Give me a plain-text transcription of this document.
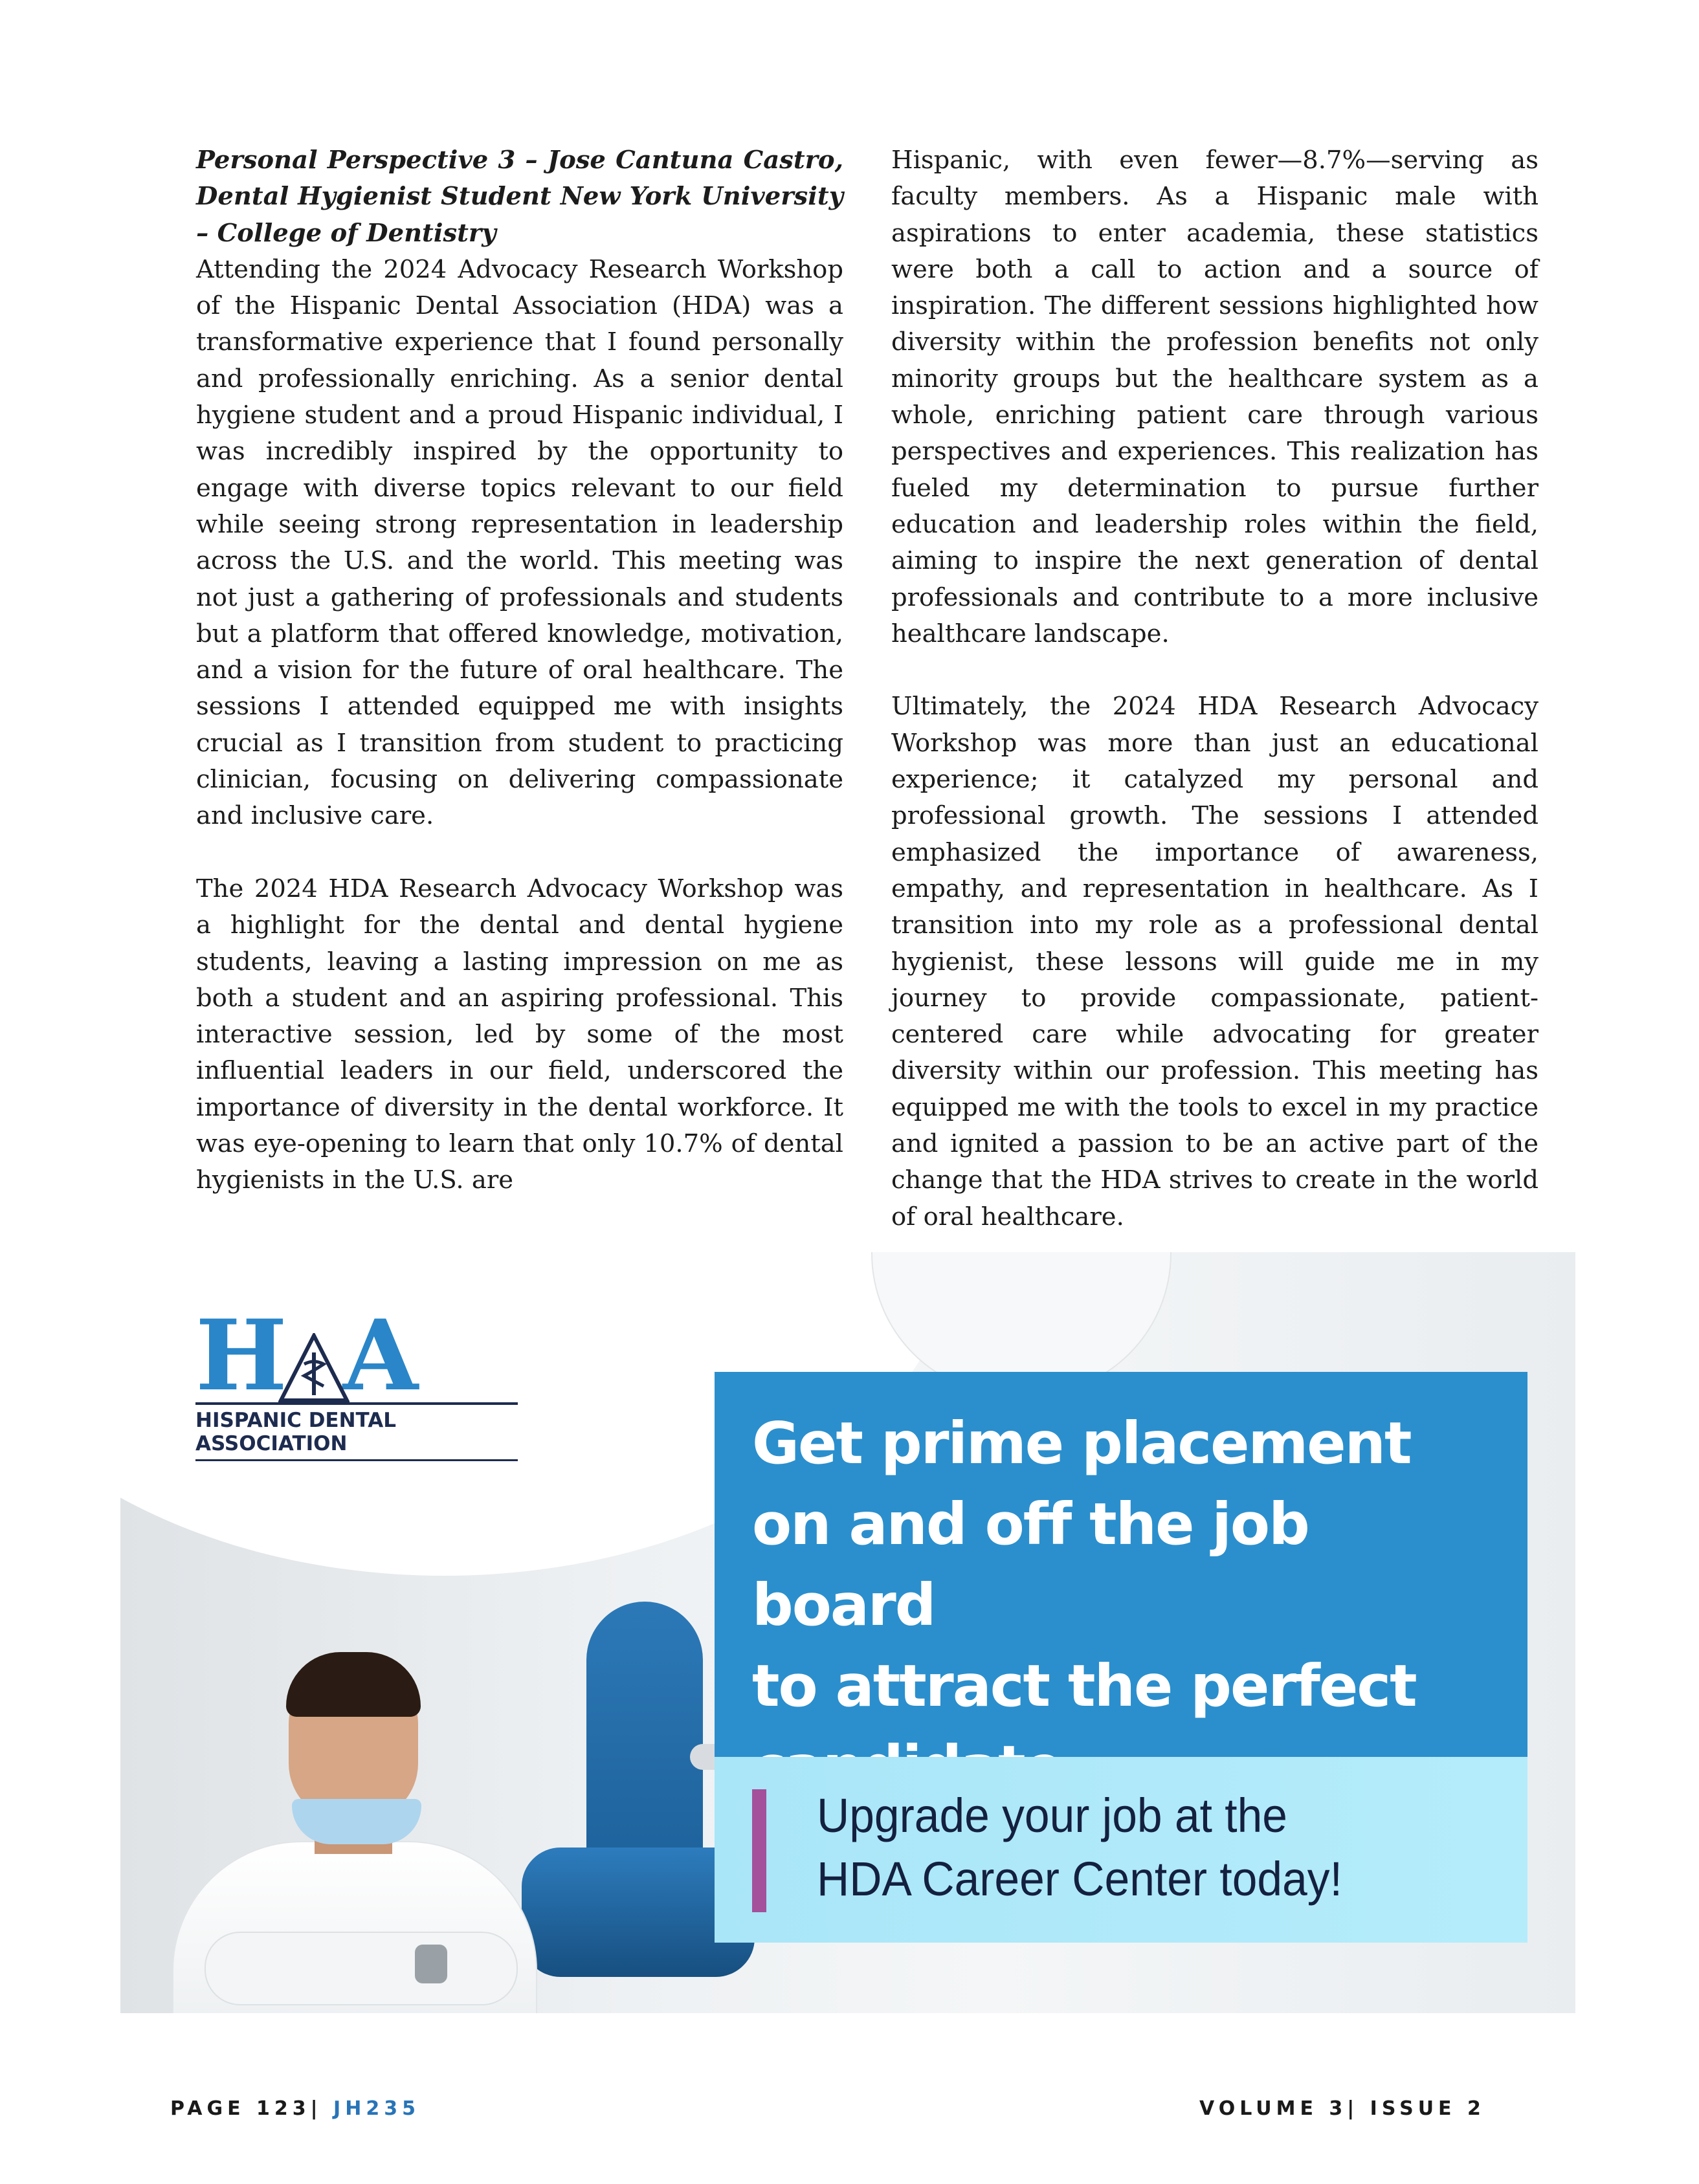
Personal Perspective 3 – Jose Cantuna Castro, Dental Hygienist Student New York University – College of Dentistry

Attending the 2024 Advocacy Research Workshop of the Hispanic Dental Association (HDA) was a transformative experience that I found personally and professionally enriching. As a senior dental hygiene student and a proud Hispanic individual, I was incredibly inspired by the opportunity to engage with diverse topics relevant to our field while seeing strong representation in leadership across the U.S. and the world. This meeting was not just a gathering of professionals and students but a platform that offered knowledge, motivation, and a vision for the future of oral healthcare. The sessions I attended equipped me with insights crucial as I transition from student to practicing clinician, focusing on delivering compassionate and inclusive care.

The 2024 HDA Research Advocacy Workshop was a highlight for the dental and dental hygiene students, leaving a lasting impression on me as both a student and an aspiring professional. This interactive session, led by some of the most influential leaders in our field, underscored the importance of diversity in the dental workforce. It was eye-opening to learn that only 10.7% of dental hygienists in the U.S. are

Hispanic, with even fewer—8.7%—serving as faculty members. As a Hispanic male with aspirations to enter academia, these statistics were both a call to action and a source of inspiration. The different sessions highlighted how diversity within the profession benefits not only minority groups but the healthcare system as a whole, enriching patient care through various perspectives and experiences. This realization has fueled my determination to pursue further education and leadership roles within the field, aiming to inspire the next generation of dental professionals and contribute to a more inclusive healthcare landscape.

Ultimately, the 2024 HDA Research Advocacy Workshop was more than just an educational experience; it catalyzed my personal and professional growth. The sessions I attended emphasized the importance of awareness, empathy, and representation in healthcare. As I transition into my role as a professional dental hygienist, these lessons will guide me in my journey to provide compassionate, patient-centered care while advocating for greater diversity within our profession. This meeting has equipped me with the tools to excel in my practice and ignited a passion to be an active part of the change that the HDA strives to create in the world of oral healthcare.

H A
HISPANIC DENTAL ASSOCIATION	Get prime placement
on and off the job board
to attract the perfect

Upgrade your job at the
HDA Career Center today!
PAGE 123| JH235	VOLUME 3| ISSUE 2
